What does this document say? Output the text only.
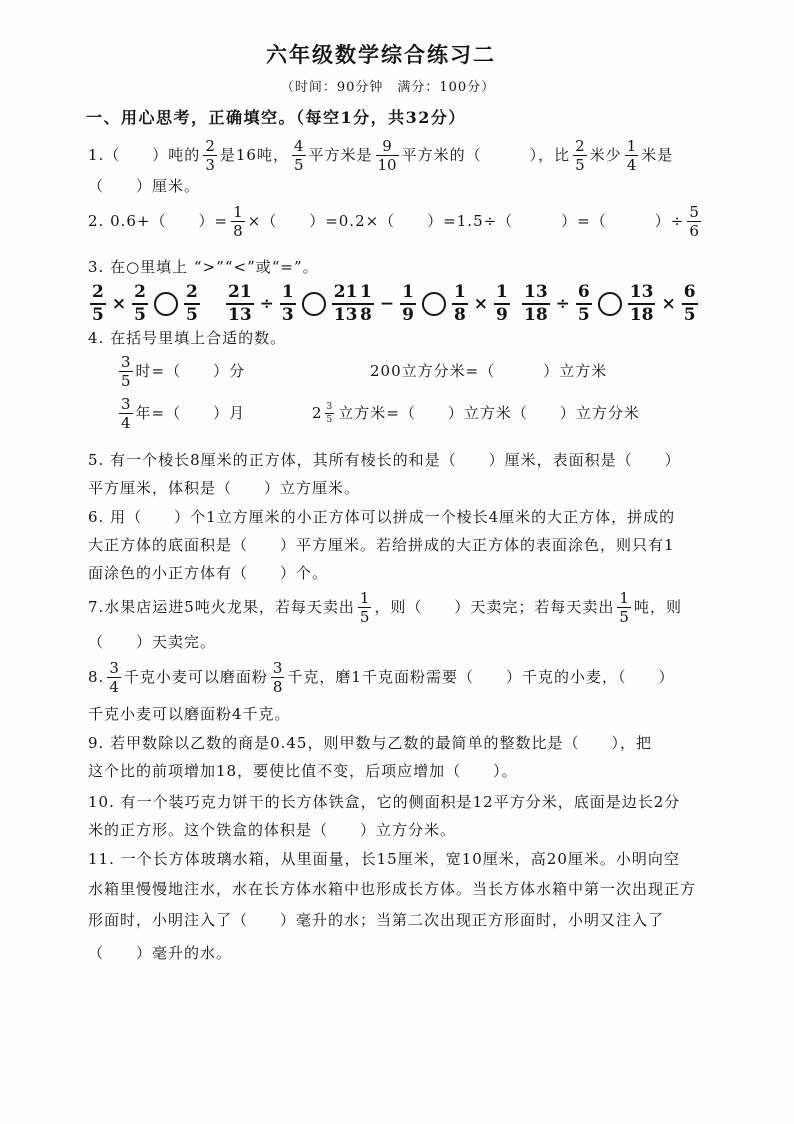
六年级数学综合练习二
（时间：90分钟　满分：100分）
一、用心思考，正确填空。（每空1分，共32分）
1.（　　）吨的 $\frac{2}{3}$ 是16吨， $\frac{4}{5}$ 平方米是 $\frac{9}{10}$ 平方米的（　　　），比 $\frac{2}{5}$ 米少 $\frac{1}{4}$ 米是
（　　）厘米。
2. 0.6+（　　）= $\frac{1}{8}$ ×（　　）=0.2×（　　）=1.5÷（　　　）=（　　　）÷ $\frac{5}{6}$
3. 在○里填上 “>”“<”或“=”。
$\frac{2}{5} \times \frac{2}{5} \frac{2}{5} \frac{21}{13} \div \frac{1}{3} \frac{21}{13}$
$\frac{1}{8} - \frac{1}{9} \frac{1}{8} \times \frac{1}{9} \frac{13}{18} \div \frac{6}{5} \frac{13}{18} \times \frac{6}{5}$
4. 在括号里填上合适的数。
$\frac{3}{5}$ 时=（　　）分	200立方分米=（　　　）立方米
$\frac{3}{4}$ 年=（　　）月	$2 \frac{3}{5}$ 立方米=（　　）立方米（　　）立方分米
5. 有一个棱长8厘米的正方体，其所有棱长的和是（　　）厘米，表面积是（　　）
平方厘米，体积是（　　）立方厘米。
6. 用（　　）个1立方厘米的小正方体可以拼成一个棱长4厘米的大正方体，拼成的
大正方体的底面积是（　　）平方厘米。若给拼成的大正方体的表面涂色，则只有1
面涂色的小正方体有（　　）个。
7.水果店运进5吨火龙果，若每天卖出 $\frac{1}{5}$ ，则（　　）天卖完；若每天卖出 $\frac{1}{5}$ 吨，则
（　　）天卖完。
8. $\frac{3}{4}$ 千克小麦可以磨面粉 $\frac{3}{8}$ 千克，磨1千克面粉需要（　　）千克的小麦，（　　）
千克小麦可以磨面粉4千克。
9. 若甲数除以乙数的商是0.45，则甲数与乙数的最简单的整数比是（　　），把
这个比的前项增加18，要使比值不变，后项应增加（　　）。
10. 有一个装巧克力饼干的长方体铁盒，它的侧面积是12平方分米，底面是边长2分
米的正方形。这个铁盒的体积是（　　）立方分米。
11. 一个长方体玻璃水箱，从里面量，长15厘米，宽10厘米，高20厘米。小明向空
水箱里慢慢地注水，水在长方体水箱中也形成长方体。当长方体水箱中第一次出现正方
形面时，小明注入了（　　）毫升的水；当第二次出现正方形面时，小明又注入了
（　　）毫升的水。
